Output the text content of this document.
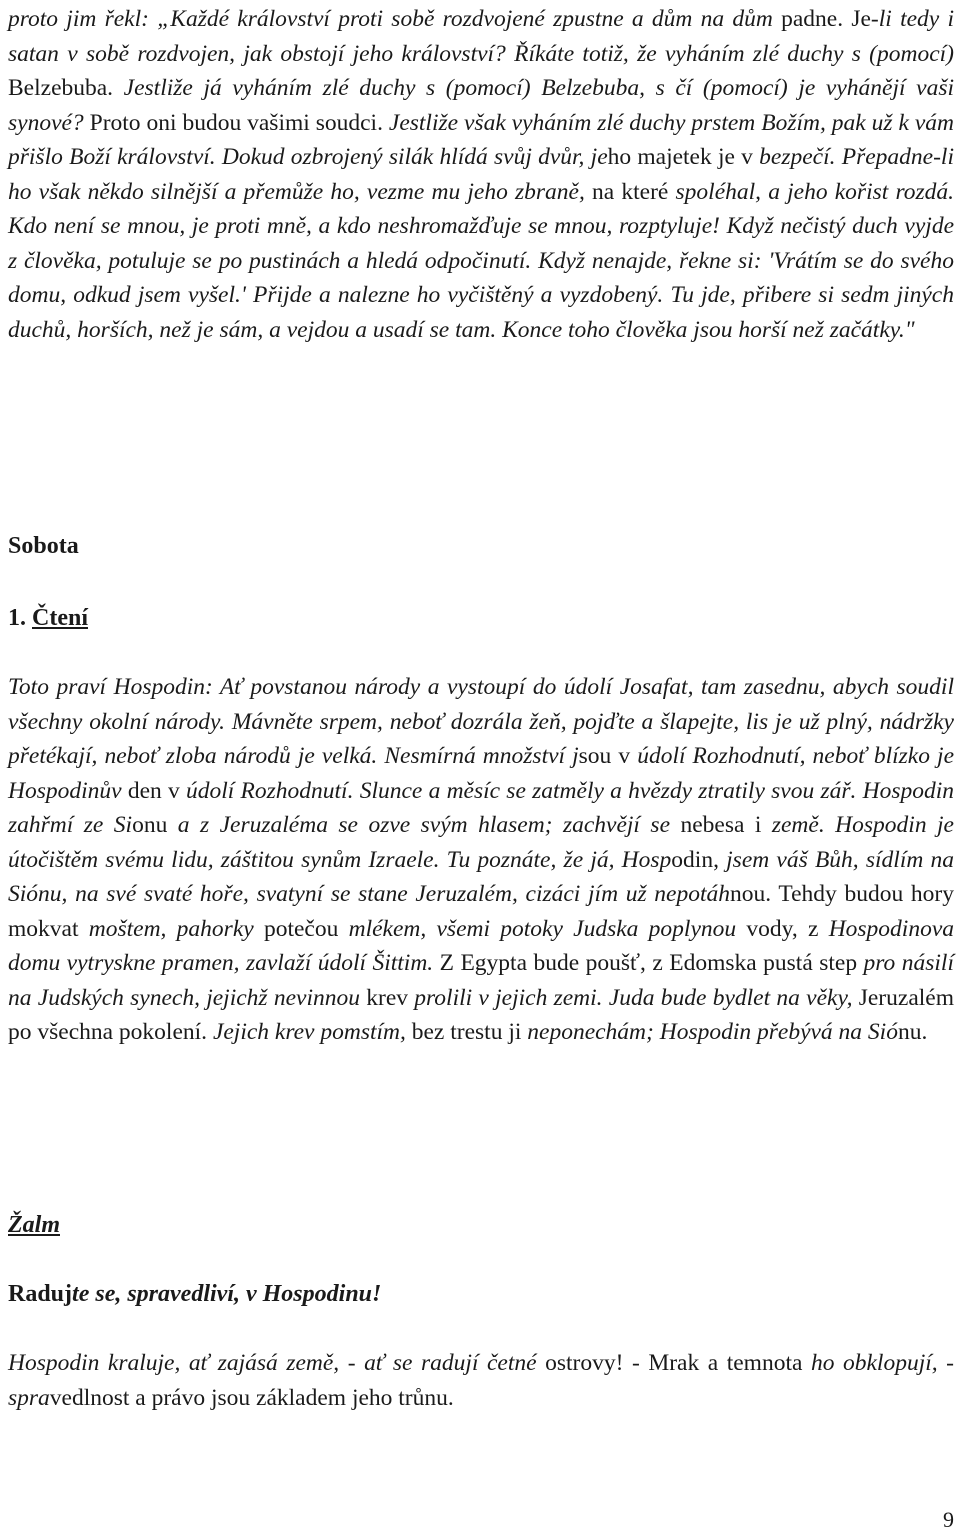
proto jim řekl: „Každé království proti sobě rozdvojené zpustne a dům na dům padne. Je-li tedy i satan v sobě rozdvojen, jak obstojí jeho království? Říkáte totiž, že vyháním zlé duchy s (pomocí) Belzebuba. Jestliže já vyháním zlé duchy s (pomocí) Belzebuba, s čí (pomocí) je vyhánějí vaši synové? Proto oni budou vašimi soudci. Jestliže však vyháním zlé duchy prstem Božím, pak už k vám přišlo Boží království. Dokud ozbrojený silák hlídá svůj dvůr, jeho majetek je v bezpečí. Přepadne-li ho však někdo silnější a přemůže ho, vezme mu jeho zbraně, na které spoléhal, a jeho kořist rozdá. Kdo není se mnou, je proti mně, a kdo neshromažďuje se mnou, rozptyluje! Když nečistý duch vyjde z člověka, potuluje se po pustinách a hledá odpočinutí. Když nenajde, řekne si: 'Vrátím se do svého domu, odkud jsem vyšel.' Přijde a nalezne ho vyčištěný a vyzdobený. Tu jde, přibere si sedm jiných duchů, horších, než je sám, a vejdou a usadí se tam. Konce toho člověka jsou horší než začátky."

Sobota

1. Čtení

Toto praví Hospodin: Ať povstanou národy a vystoupí do údolí Josafat, tam zasednu, abych soudil všechny okolní národy. Mávněte srpem, neboť dozrála žeň, pojďte a šlapejte, lis je už plný, nádržky přetékají, neboť zloba národů je velká. Nesmírná množství jsou v údolí Rozhodnutí, neboť blízko je Hospodinův den v údolí Rozhodnutí. Slunce a měsíc se zatměly a hvězdy ztratily svou zář. Hospodin zahřmí ze Sionu a z Jeruzaléma se ozve svým hlasem; zachvějí se nebesa i země. Hospodin je útočištěm svému lidu, záštitou synům Izraele. Tu poznáte, že já, Hospodin, jsem váš Bůh, sídlím na Siónu, na své svaté hoře, svatyní se stane Jeruzalém, cizáci jím už nepotáhnou. Tehdy budou hory mokvat moštem, pahorky potečou mlékem, všemi potoky Judska poplynou vody, z Hospodinova domu vytryskne pramen, zavlaží údolí Šittim. Z Egypta bude poušť, z Edomska pustá step pro násilí na Judských synech, jejichž nevinnou krev prolili v jejich zemi. Juda bude bydlet na věky, Jeruzalém po všechna pokolení. Jejich krev pomstím, bez trestu ji neponechám; Hospodin přebývá na Siónu.

Žalm

Radujte se, spravedliví, v Hospodinu!

Hospodin kraluje, ať zajásá země, - ať se radují četné ostrovy! - Mrak a temnota ho obklopují, - spravedlnost a právo jsou základem jeho trůnu.

9
